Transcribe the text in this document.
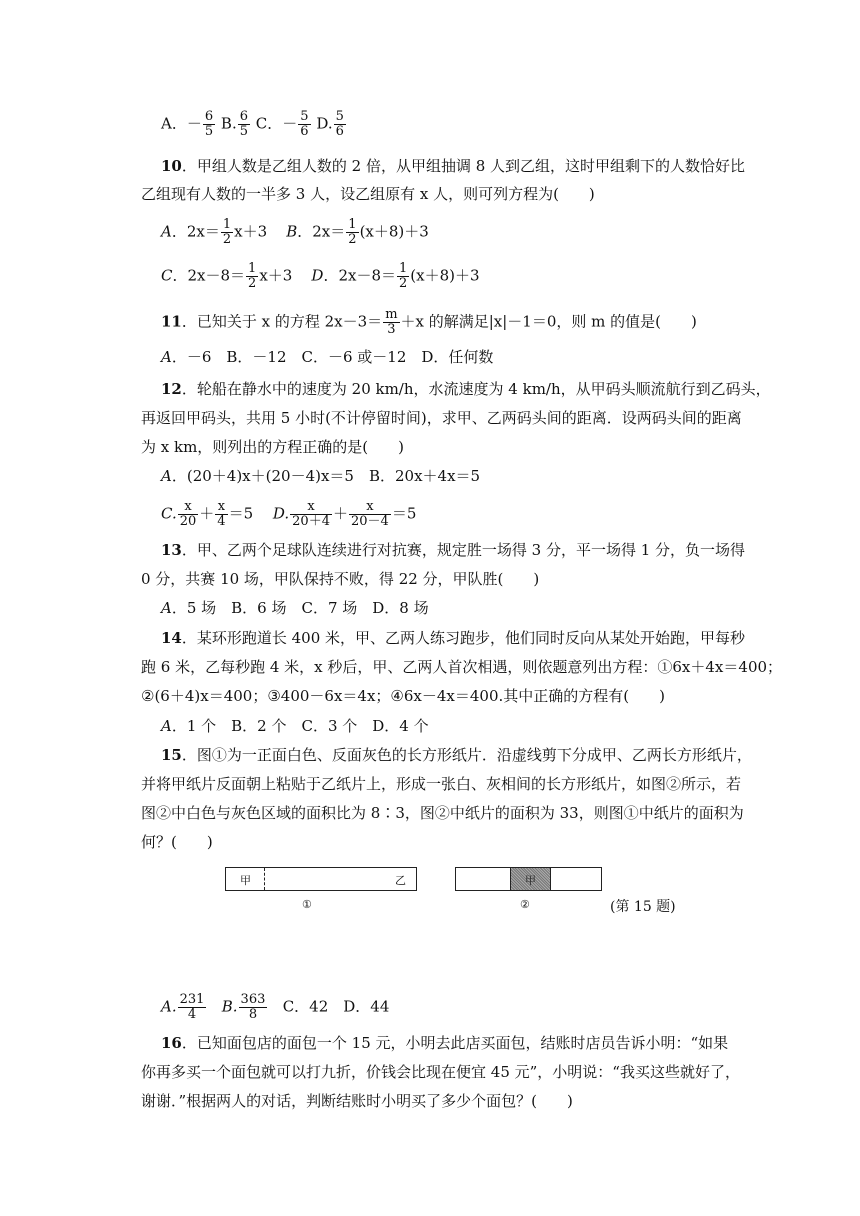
A．－ $\frac{6}{5} B$. $\frac{6}{5}$ C．－ $\frac{5}{6} D$. $\frac{5}{6}$
10．甲组人数是乙组人数的 2 倍，从甲组抽调 8 人到乙组，这时甲组剩下的人数恰好比
乙组现有人数的一半多 3 人，设乙组原有 x 人，则可列方程为(　　)
A．$2x= \frac{1}{2} x+3$ B．$2x= \frac{1}{2} (x+8)+3$
C．$2x-8= \frac{1}{2} x+3$ D．$2x-8= \frac{1}{2} (x+8)+3$
11．已知关于 x 的方程 $2x-3= \frac{m}{3} +x$ 的解满足|x|－1＝0，则 m 的值是(　　)
A．－6　B．－12　C．－6 或－12　D．任何数
12．轮船在静水中的速度为 20 km/h，水流速度为 4 km/h，从甲码头顺流航行到乙码头，
再返回甲码头，共用 5 小时(不计停留时间)，求甲、乙两码头间的距离．设两码头间的距离
为 x km，则列出的方程正确的是(　　)
A．(20＋4)x＋(20－4)x＝5　B．20x＋4x＝5
C. $\frac{x}{20} + \frac{x}{4} =5$　 D. $\frac{x}{20+4} + \frac{x}{20-4} =5$
13．甲、乙两个足球队连续进行对抗赛，规定胜一场得 3 分，平一场得 1 分，负一场得
0 分，共赛 10 场，甲队保持不败，得 22 分，甲队胜(　　)
A．5 场　B．6 场　C．7 场　D．8 场
14．某环形跑道长 400 米，甲、乙两人练习跑步，他们同时反向从某处开始跑，甲每秒
跑 6 米，乙每秒跑 4 米，x 秒后，甲、乙两人首次相遇，则依题意列出方程：①6x＋4x＝400；
②(6＋4)x＝400；③400－6x＝4x；④6x－4x＝400.其中正确的方程有(　　)
A．1 个　B．2 个　C．3 个　D．4 个
15．图①为一正面白色、反面灰色的长方形纸片．沿虚线剪下分成甲、乙两长方形纸片，
并将甲纸片反面朝上粘贴于乙纸片上，形成一张白、灰相间的长方形纸片，如图②所示，若
图②中白色与灰色区域的面积比为 8∶3，图②中纸片的面积为 33，则图①中纸片的面积为
何？(　　)
甲	乙
①
甲
②	(第 15 题)
A. $\frac{231}{4} B$. $\frac{363}{8}$ C．42　D．44
16．已知面包店的面包一个 15 元，小明去此店买面包，结账时店员告诉小明：“如果
你再多买一个面包就可以打九折，价钱会比现在便宜 45 元”，小明说：“我买这些就好了，
谢谢．”根据两人的对话，判断结账时小明买了多少个面包？(　　)
